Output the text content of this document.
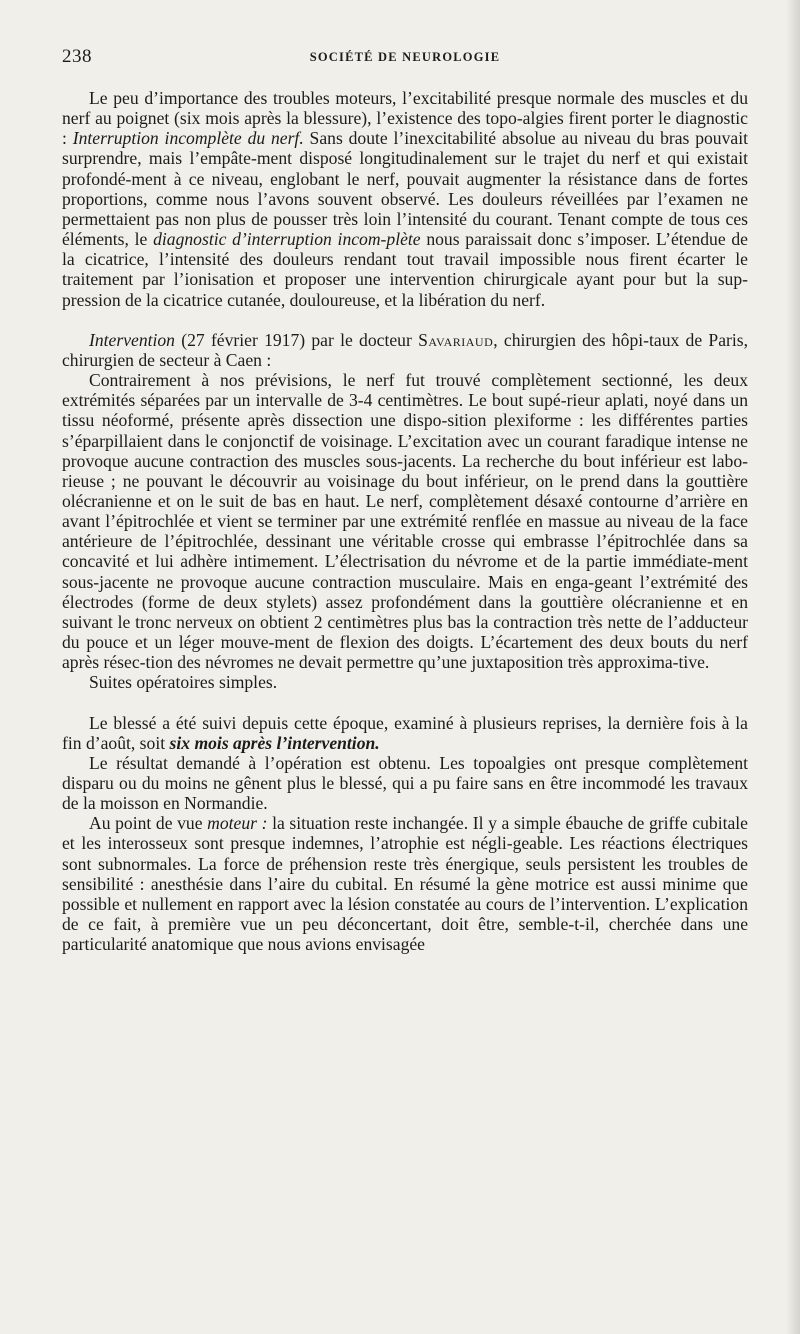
238	SOCIÉTÉ DE NEUROLOGIE

Le peu d’importance des troubles moteurs, l’excitabilité presque normale des muscles et du nerf au poignet (six mois après la blessure), l’existence des topo-algies firent porter le diagnostic : Interruption incomplète du nerf. Sans doute l’inexcitabilité absolue au niveau du bras pouvait surprendre, mais l’empâte-ment disposé longitudinalement sur le trajet du nerf et qui existait profondé-ment à ce niveau, englobant le nerf, pouvait augmenter la résistance dans de fortes proportions, comme nous l’avons souvent observé. Les douleurs réveillées par l’examen ne permettaient pas non plus de pousser très loin l’intensité du courant. Tenant compte de tous ces éléments, le diagnostic d’interruption incom-plète nous paraissait donc s’imposer. L’étendue de la cicatrice, l’intensité des douleurs rendant tout travail impossible nous firent écarter le traitement par l’ionisation et proposer une intervention chirurgicale ayant pour but la sup-pression de la cicatrice cutanée, douloureuse, et la libération du nerf.

Intervention (27 février 1917) par le docteur Savariaud, chirurgien des hôpi-taux de Paris, chirurgien de secteur à Caen :

Contrairement à nos prévisions, le nerf fut trouvé complètement sectionné, les deux extrémités séparées par un intervalle de 3-4 centimètres. Le bout supé-rieur aplati, noyé dans un tissu néoformé, présente après dissection une dispo-sition plexiforme : les différentes parties s’éparpillaient dans le conjonctif de voisinage. L’excitation avec un courant faradique intense ne provoque aucune contraction des muscles sous-jacents. La recherche du bout inférieur est labo-rieuse ; ne pouvant le découvrir au voisinage du bout inférieur, on le prend dans la gouttière olécranienne et on le suit de bas en haut. Le nerf, complètement désaxé contourne d’arrière en avant l’épitrochlée et vient se terminer par une extrémité renflée en massue au niveau de la face antérieure de l’épitrochlée, dessinant une véritable crosse qui embrasse l’épitrochlée dans sa concavité et lui adhère intimement. L’électrisation du névrome et de la partie immédiate-ment sous-jacente ne provoque aucune contraction musculaire. Mais en enga-geant l’extrémité des électrodes (forme de deux stylets) assez profondément dans la gouttière olécranienne et en suivant le tronc nerveux on obtient 2 centimètres plus bas la contraction très nette de l’adducteur du pouce et un léger mouve-ment de flexion des doigts. L’écartement des deux bouts du nerf après résec-tion des névromes ne devait permettre qu’une juxtaposition très approxima-tive.

Suites opératoires simples.

Le blessé a été suivi depuis cette époque, examiné à plusieurs reprises, la dernière fois à la fin d’août, soit six mois après l’intervention.

Le résultat demandé à l’opération est obtenu. Les topoalgies ont presque complètement disparu ou du moins ne gênent plus le blessé, qui a pu faire sans en être incommodé les travaux de la moisson en Normandie.

Au point de vue moteur : la situation reste inchangée. Il y a simple ébauche de griffe cubitale et les interosseux sont presque indemnes, l’atrophie est négli-geable. Les réactions électriques sont subnormales. La force de préhension reste très énergique, seuls persistent les troubles de sensibilité : anesthésie dans l’aire du cubital. En résumé la gène motrice est aussi minime que possible et nullement en rapport avec la lésion constatée au cours de l’intervention. L’explication de ce fait, à première vue un peu déconcertant, doit être, semble-t-il, cherchée dans une particularité anatomique que nous avions envisagée
